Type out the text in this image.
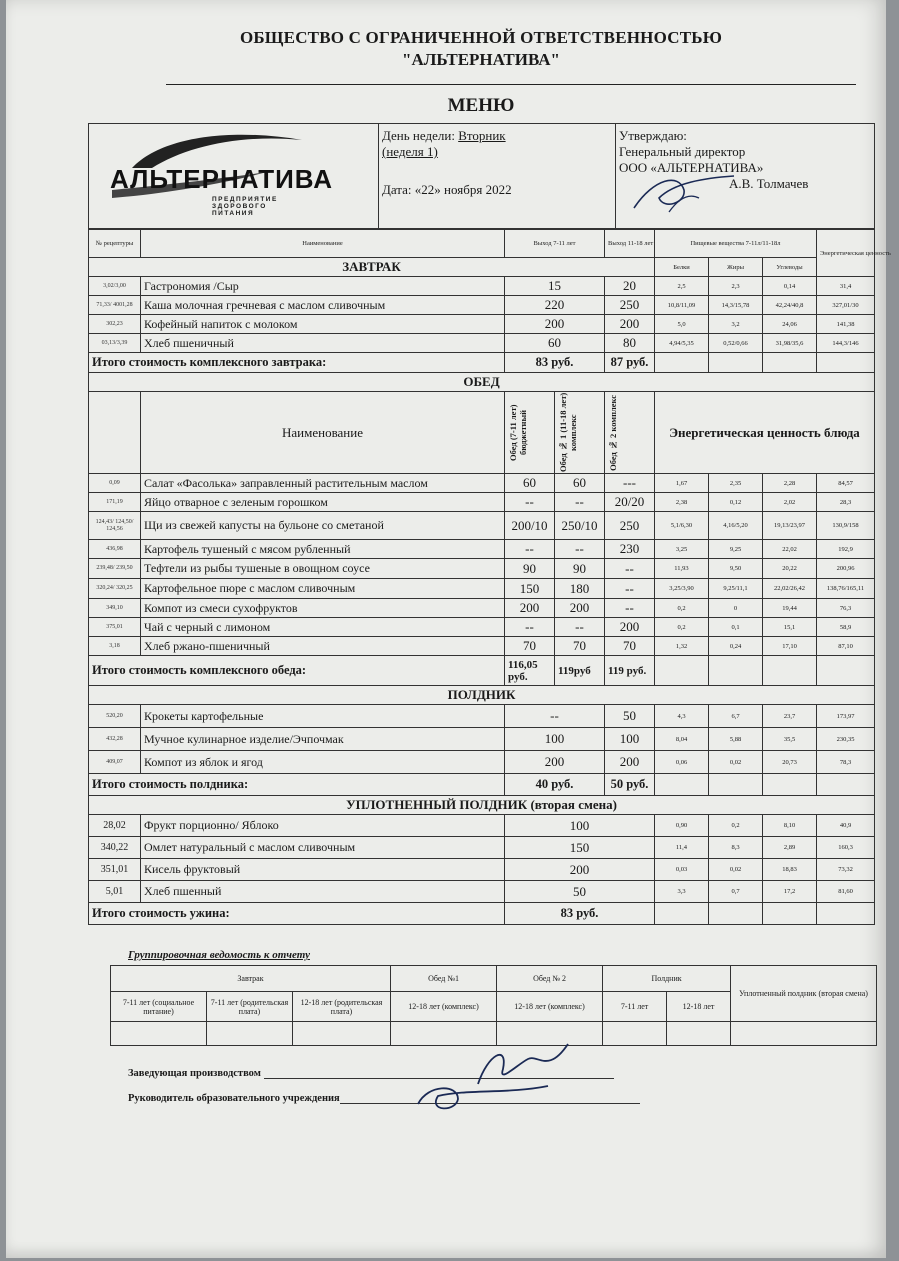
ОБЩЕСТВО С ОГРАНИЧЕННОЙ ОТВЕТСТВЕННОСТЬЮ
"АЛЬТЕРНАТИВА"
МЕНЮ
АЛЬТЕРНАТИВА
ПРЕДПРИЯТИЕ
ЗДОРОВОГО
ПИТАНИЯ

День недели: Вторник
(неделя 1)
Дата: «22» ноября 2022

Утверждаю:
Генеральный директор
ООО «АЛЬТЕРНАТИВА»
А.В. Толмачев
№ рецептуры	Наименование	Выход 7-11 лет		Выход 11-18 лет	Пищевые вещества 7-11л/11-18л			Энергетическая ценность
ЗАВТРАК					Белки	Жиры	Углеводы	
3,02/3,00	Гастрономия /Сыр	15		20	2,5	2,3	0,14	31,4
71,33/ 4001,28	Каша молочная гречневая с маслом сливочным	220		250	10,8/11,09	14,3/15,78	42,24/40,8	327,01/30
302,23	Кофейный напиток с молоком	200		200	5,0	3,2	24,06	141,38
03,13/3,39	Хлеб пшеничный	60		80	4,94/5,35	0,52/0,66	31,98/35,6	144,3/146
Итого стоимость комплексного завтрака:		83 руб.		87 руб.				
ОБЕД								
	Наименование	Обед (7-11 лет) бюджетный	Обед № 1 (11-18 лет) комплекс	Обед № 2 комплекс	Энергетическая ценность блюда			
0,09	Салат «Фасолька» заправленный растительным маслом	60	60	---	1,67	2,35	2,28	84,57
171,19	Яйцо отварное с зеленым горошком	--	--	20/20	2,38	0,12	2,02	28,3
124,43/ 124,50/ 124,56	Щи из свежей капусты на бульоне со сметаной	200/10	250/10	250	5,1/6,30	4,16/5,20	19,13/23,97	130,9/158
436,98	Картофель тушеный с мясом рубленный	--	--	230	3,25	9,25	22,02	192,9
239,48/ 239,50	Тефтели из рыбы тушеные в овощном соусе	90	90	--	11,93	9,50	20,22	200,96
320,24/ 320,25	Картофельное пюре с маслом сливочным	150	180	--	3,25/3,90	9,25/11,1	22,02/26,42	138,76/165,11
349,10	Компот из смеси сухофруктов	200	200	--	0,2	0	19,44	76,3
375,01	Чай с черный с лимоном	--	--	200	0,2	0,1	15,1	58,9
3,18	Хлеб ржано-пшеничный	70	70	70	1,32	0,24	17,10	87,10
Итого стоимость комплексного обеда:		116,05 руб.	119руб	119 руб.				
ПОЛДНИК								
520,20	Крокеты картофельные	--		50	4,3	6,7	23,7	173,97
432,28	Мучное кулинарное изделие/Эчпочмак	100		100	8,04	5,88	35,5	230,35
409,07	Компот из яблок и ягод	200		200	0,06	0,02	20,73	78,3
Итого стоимость полдника:		40 руб.		50 руб.				
УПЛОТНЕННЫЙ ПОЛДНИК (вторая смена)								
28,02	Фрукт порционно/ Яблоко	100			0,90	0,2	8,10	40,9
340,22	Омлет натуральный с маслом сливочным	150			11,4	8,3	2,89	160,3
351,01	Кисель фруктовый	200			0,03	0,02	18,83	73,32
5,01	Хлеб пшенный	50			3,3	0,7	17,2	81,60
Итого стоимость ужина:		83 руб.						
Группировочная ведомость к отчету
Завтрак			Обед №1	Обед № 2	Полдник		Уплотненный полдник (вторая смена)
7-11 лет (социальное питание)	7-11 лет (родительская плата)	12-18 лет (родительская плата)	12-18 лет (комплекс)	12-18 лет (комплекс)	7-11 лет	12-18 лет	

Заведующая производством
Руководитель образовательного учреждения
